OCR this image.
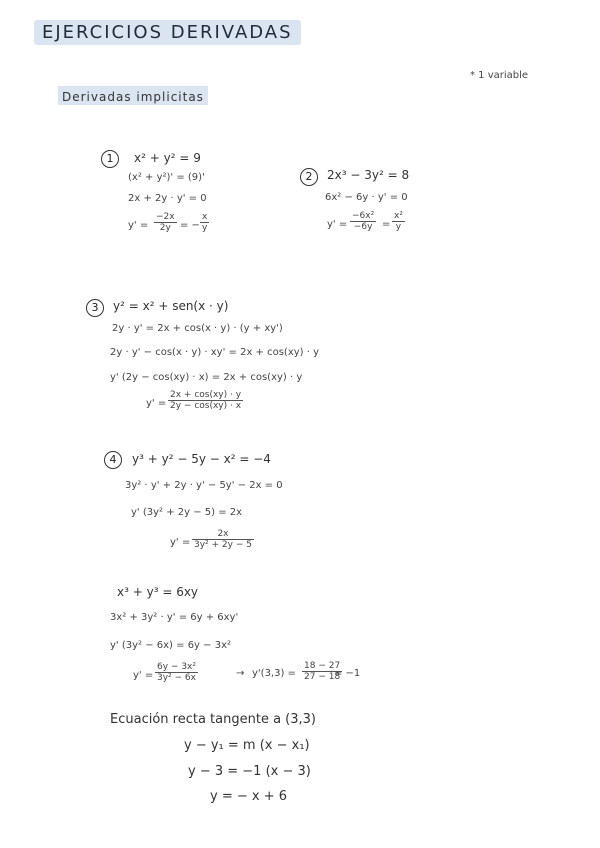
EJERCICIOS DERIVADAS
* 1 variable
Derivadas implicitas
1	x² + y² = 9
(x² + y²)' = (9)'
2x + 2y · y' = 0
$y' = \frac{-2x}{2y}$ = − $\frac{x}{y}$
2	2x³ − 3y² = 8
6x² − 6y · y' = 0
$y' = \frac{\text{−6x²}}{-6y} = \frac{\text{x²}}{y}$
3	y² = x² + sen(x · y)
2y · y' = 2x + cos(x · y) · (y + xy')
2y · y' − cos(x · y) · xy' = 2x + cos(xy) · y
y' (2y − cos(xy) · x) = 2x + cos(xy) · y
$y' = \frac{2x + \cos(xy) \cdot y}{2y - \cos(xy) \cdot x}$
4	y³ + y² − 5y − x² = −4
3y² · y' + 2y · y' − 5y' − 2x = 0
y' (3y² + 2y − 5) = 2x
$y' = \frac{2x}{\text{3y² + 2y − 5}}$
x³ + y³ = 6xy
3x² + 3y² · y' = 6y + 6xy'
y' (3y² − 6x) = 6y − 3x²
$y' = \frac{\text{6y − 3x²}}{\text{3y² − 6x}}$	→ $y'(3,3) = \frac{18 - 27}{27 - 18}$
= −1
Ecuación recta tangente a (3,3)
y − y₁ = m (x − x₁)
y − 3 = −1 (x − 3)
y = − x + 6
